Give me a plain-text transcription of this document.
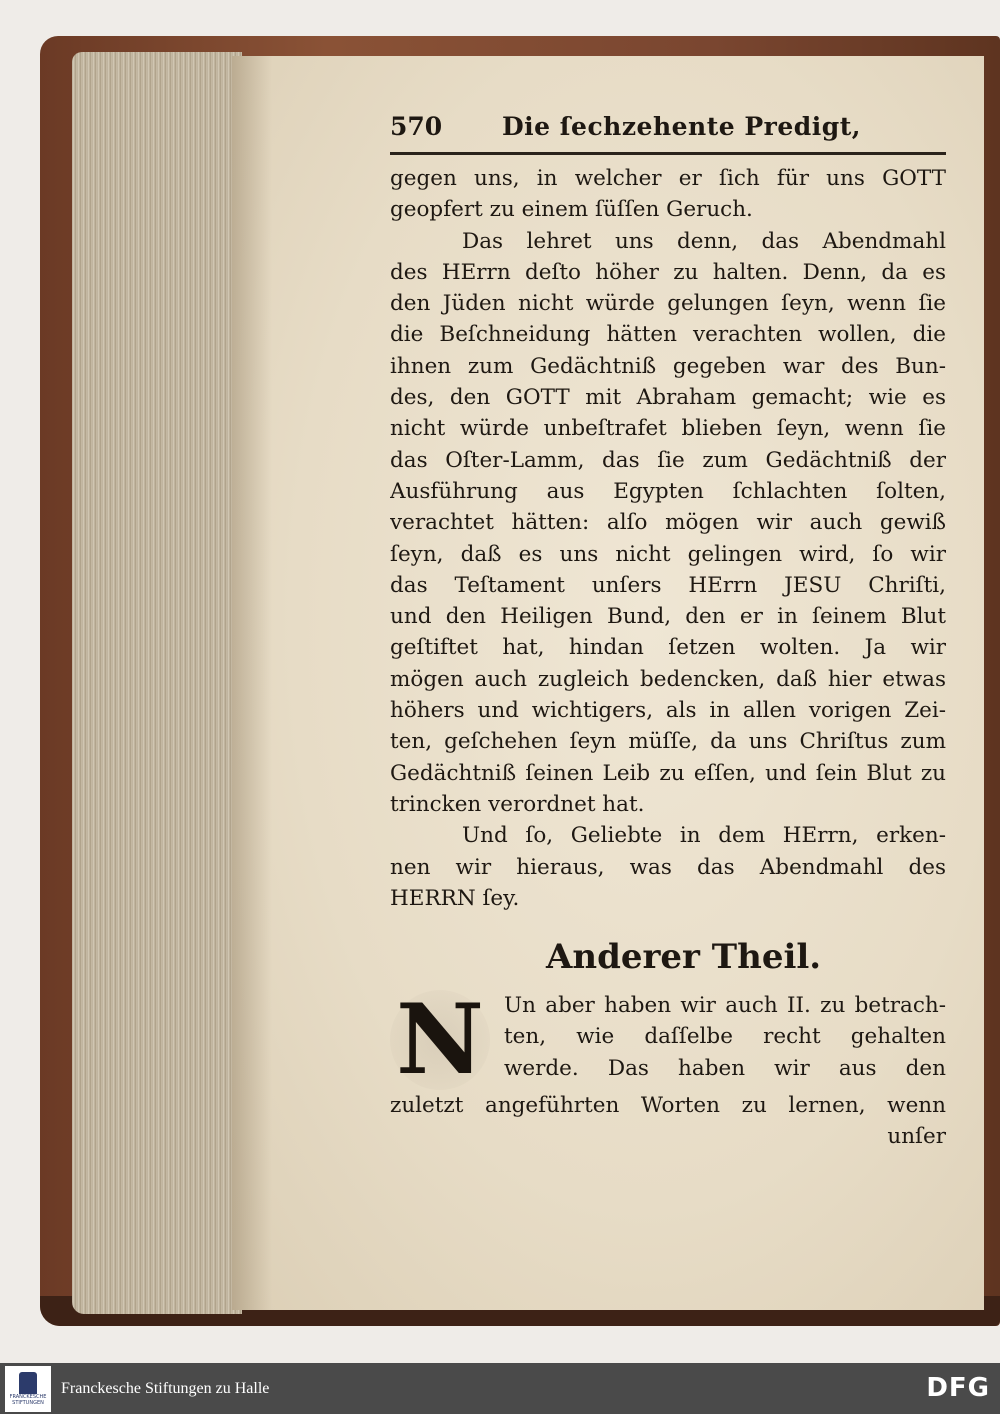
570	Die ſechzehente Predigt,
gegen uns, in welcher er ſich für uns GOTT
geopfert zu einem ſüſſen Geruch.
Das lehret uns denn, das Abendmahl
des HErrn deſto höher zu halten. Denn, da es
den Jüden nicht würde gelungen ſeyn, wenn ſie
die Beſchneidung hätten verachten wollen, die
ihnen zum Gedächtniß gegeben war des Bun-
des, den GOTT mit Abraham gemacht; wie es
nicht würde unbeſtrafet blieben ſeyn, wenn ſie
das Oſter-Lamm, das ſie zum Gedächtniß der
Ausführung aus Egypten ſchlachten ſolten,
verachtet hätten: alſo mögen wir auch gewiß
ſeyn, daß es uns nicht gelingen wird, ſo wir
das Teſtament unſers HErrn JESU Chriſti,
und den Heiligen Bund, den er in ſeinem Blut
geſtiftet hat, hindan ſetzen wolten. Ja wir
mögen auch zugleich bedencken, daß hier etwas
höhers und wichtigers, als in allen vorigen Zei-
ten, geſchehen ſeyn müſſe, da uns Chriſtus zum
Gedächtniß ſeinen Leib zu eſſen, und ſein Blut zu
trincken verordnet hat.
Und ſo, Geliebte in dem HErrn, erken-
nen wir hieraus, was das Abendmahl des
HERRN ſey.
Anderer Theil.
N Un aber haben wir auch II. zu betrach-
ten, wie daſſelbe recht gehalten
werde. Das haben wir aus den
zuletzt angeführten Worten zu lernen, wenn
unſer
FRANCKESCHE STIFTUNGEN
Franckesche Stiftungen zu Halle	DFG
